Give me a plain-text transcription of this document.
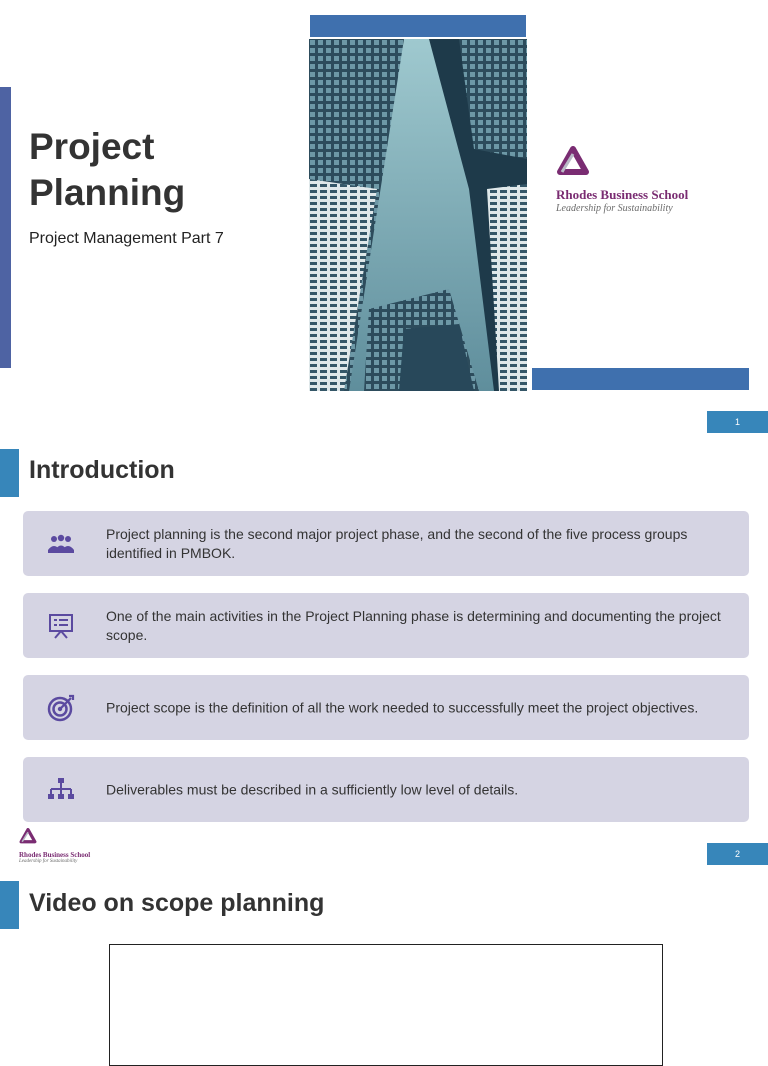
Project
Planning
Project Management Part 7
Rhodes Business School
Leadership for Sustainability
1
Introduction
Project planning is the second major project phase, and the second of the five process groups identified in PMBOK.
One of the main activities in the Project Planning phase is determining and documenting the project scope.
Project scope is the definition of all the work needed to successfully meet the project objectives.
Deliverables must be described in a sufficiently low level of details.
Rhodes Business School
Leadership for Sustainability
2
Video on scope planning
